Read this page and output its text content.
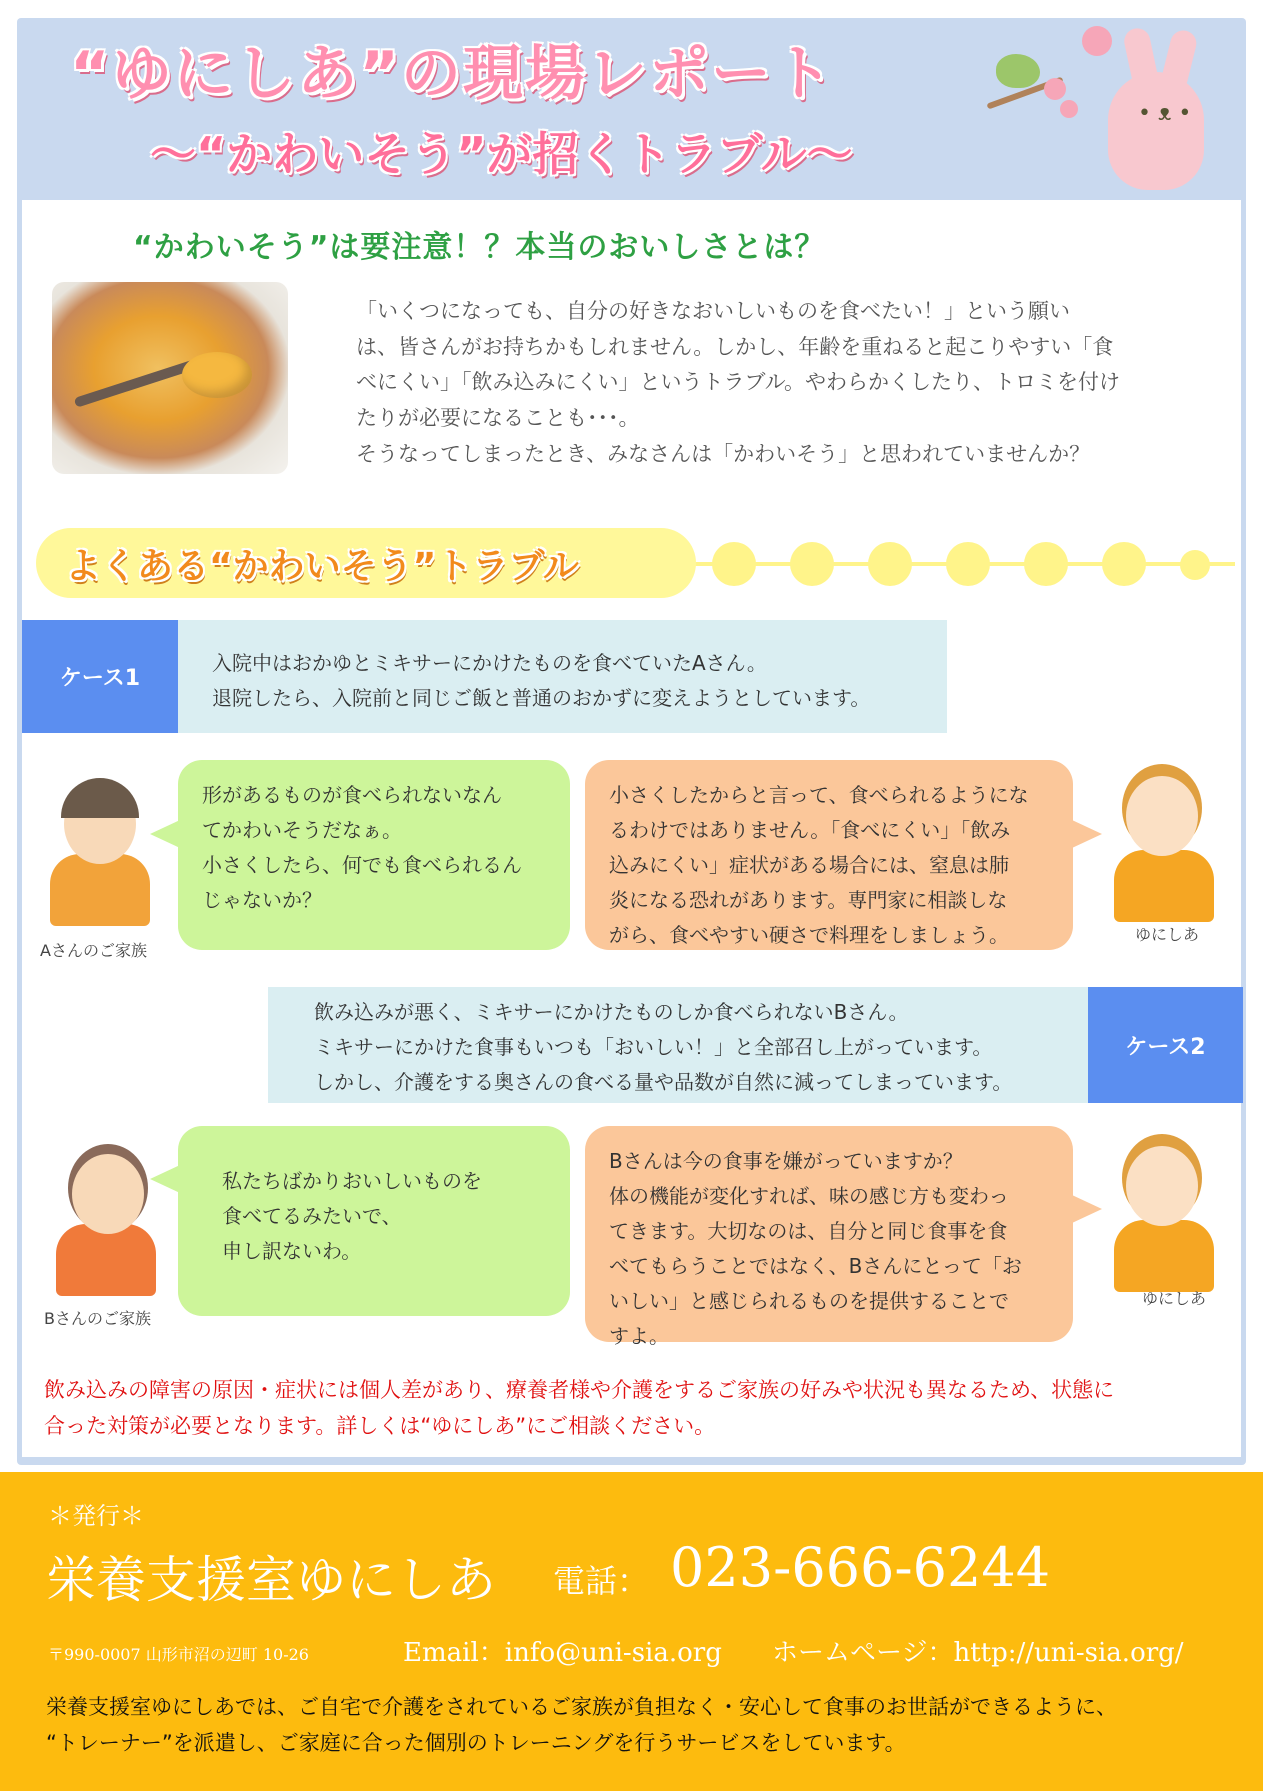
“ゆにしあ”の現場レポート
～“かわいそう”が招くトラブル～
• ᴥ •
“かわいそう”は要注意！？本当のおいしさとは？
「いくつになっても、自分の好きなおいしいものを食べたい！」という願い
は、皆さんがお持ちかもしれません。しかし、年齢を重ねると起こりやすい「食
べにくい」「飲み込みにくい」というトラブル。やわらかくしたり、トロミを付け
たりが必要になることも･･･。
そうなってしまったとき、みなさんは「かわいそう」と思われていませんか？
よくある“かわいそう”トラブル
ケース1
入院中はおかゆとミキサーにかけたものを食べていたAさん。
退院したら、入院前と同じご飯と普通のおかずに変えようとしています。
Aさんのご家族
形があるものが食べられないなん
てかわいそうだなぁ。
小さくしたら、何でも食べられるん
じゃないか？
小さくしたからと言って、食べられるようにな
るわけではありません。「食べにくい」「飲み
込みにくい」症状がある場合には、窒息は肺
炎になる恐れがあります。専門家に相談しな
がら、食べやすい硬さで料理をしましょう。	ゆにしあ
ケース2
飲み込みが悪く、ミキサーにかけたものしか食べられないBさん。
ミキサーにかけた食事もいつも「おいしい！」と全部召し上がっています。
しかし、介護をする奥さんの食べる量や品数が自然に減ってしまっています。
Bさんのご家族
私たちばかりおいしいものを
食べてるみたいで、
申し訳ないわ。
Bさんは今の食事を嫌がっていますか？
体の機能が変化すれば、味の感じ方も変わっ
てきます。大切なのは、自分と同じ食事を食
べてもらうことではなく、Bさんにとって「お
いしい」と感じられるものを提供することで
すよ。
ゆにしあ
飲み込みの障害の原因・症状には個人差があり、療養者様や介護をするご家族の好みや状況も異なるため、状態に
合った対策が必要となります。詳しくは“ゆにしあ”にご相談ください。
＊発行＊
栄養支援室ゆにしあ 電話： 023-666-6244
〒990-0007 山形市沼の辺町 10-26	Email：info@uni-sia.org ホームページ：http://uni-sia.org/
栄養支援室ゆにしあでは、ご自宅で介護をされているご家族が負担なく・安心して食事のお世話ができるように、
“トレーナー”を派遣し、ご家庭に合った個別のトレーニングを行うサービスをしています。
